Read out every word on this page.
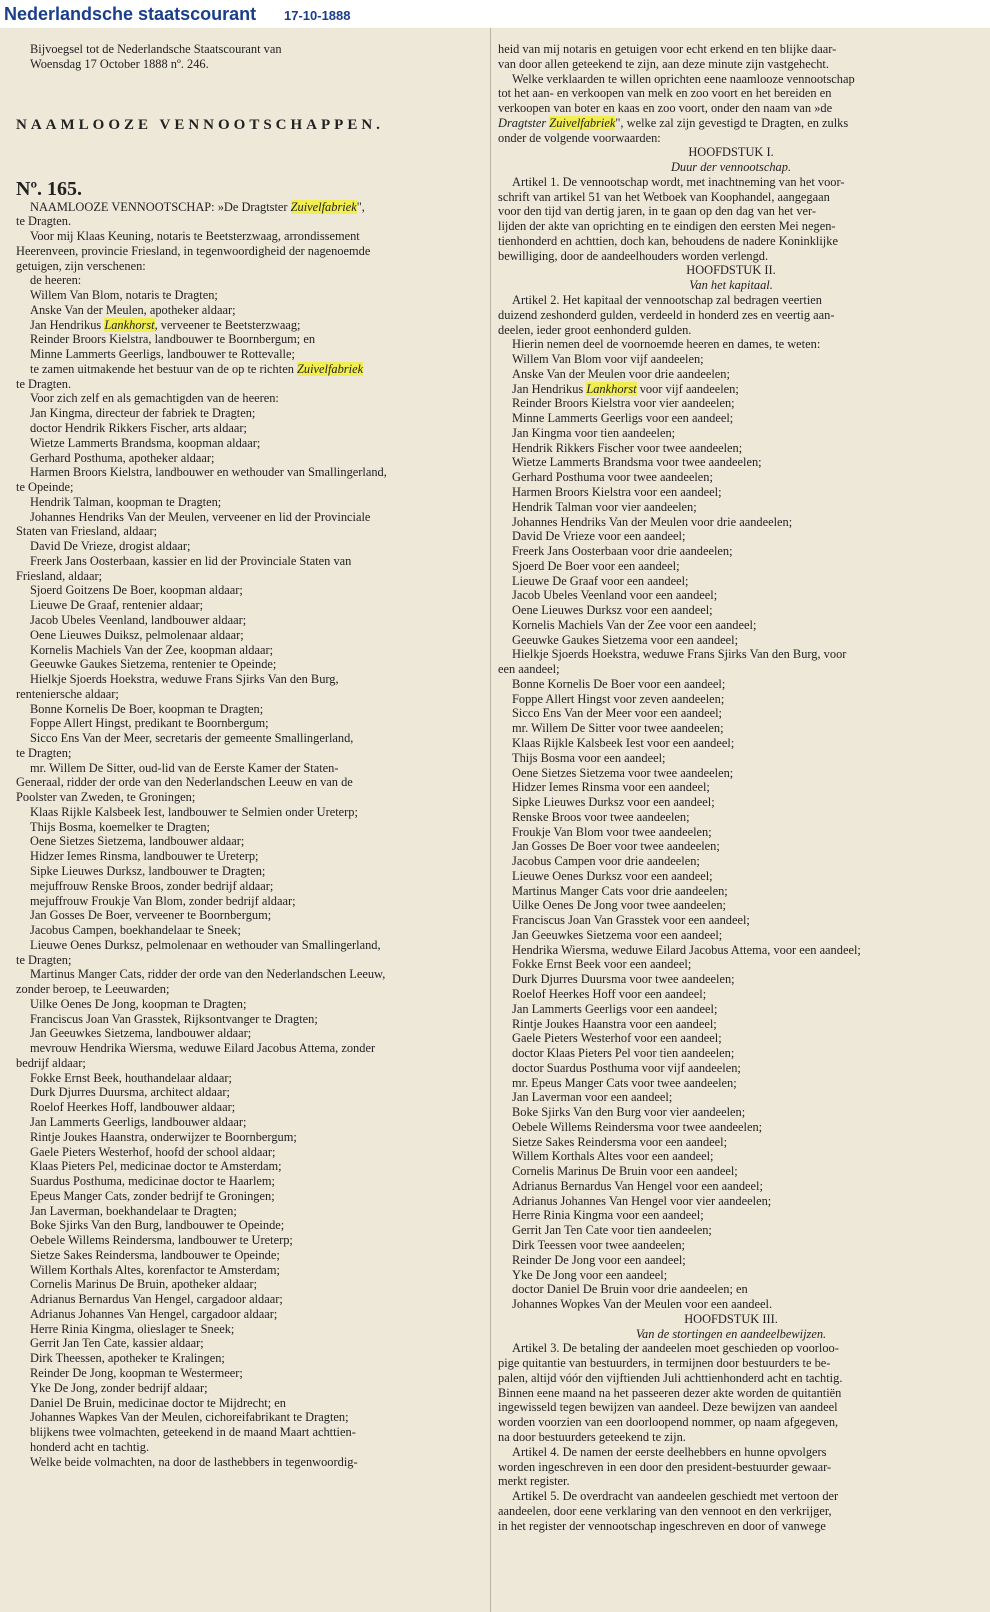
Nederlandsche staatscourant 17-10-1888

Bijvoegsel tot de Nederlandsche Staatscourant van

Woensdag 17 October 1888 nº. 246.

NAAMLOOZE VENNOOTSCHAPPEN.

Nº. 165.

NAAMLOOZE VENNOOTSCHAP: »De Dragtster Zuivelfabriek",

te Dragten.

Voor mij Klaas Keuning, notaris te Beetsterzwaag, arrondissement

Heerenveen, provincie Friesland, in tegenwoordigheid der nagenoemde

getuigen, zijn verschenen:

de heeren:

Willem Van Blom, notaris te Dragten;

Anske Van der Meulen, apotheker aldaar;

Jan Hendrikus Lankhorst, verveener te Beetsterzwaag;

Reinder Broors Kielstra, landbouwer te Boornbergum; en

Minne Lammerts Geerligs, landbouwer te Rottevalle;

te zamen uitmakende het bestuur van de op te richten Zuivelfabriek

te Dragten.

Voor zich zelf en als gemachtigden van de heeren:

Jan Kingma, directeur der fabriek te Dragten;

doctor Hendrik Rikkers Fischer, arts aldaar;

Wietze Lammerts Brandsma, koopman aldaar;

Gerhard Posthuma, apotheker aldaar;

Harmen Broors Kielstra, landbouwer en wethouder van Smallingerland,

te Opeinde;

Hendrik Talman, koopman te Dragten;

Johannes Hendriks Van der Meulen, verveener en lid der Provinciale

Staten van Friesland, aldaar;

David De Vrieze, drogist aldaar;

Freerk Jans Oosterbaan, kassier en lid der Provinciale Staten van

Friesland, aldaar;

Sjoerd Goitzens De Boer, koopman aldaar;

Lieuwe De Graaf, rentenier aldaar;

Jacob Ubeles Veenland, landbouwer aldaar;

Oene Lieuwes Duiksz, pelmolenaar aldaar;

Kornelis Machiels Van der Zee, koopman aldaar;

Geeuwke Gaukes Sietzema, rentenier te Opeinde;

Hielkje Sjoerds Hoekstra, weduwe Frans Sjirks Van den Burg,

renteniersche aldaar;

Bonne Kornelis De Boer, koopman te Dragten;

Foppe Allert Hingst, predikant te Boornbergum;

Sicco Ens Van der Meer, secretaris der gemeente Smallingerland,

te Dragten;

mr. Willem De Sitter, oud-lid van de Eerste Kamer der Staten-

Generaal, ridder der orde van den Nederlandschen Leeuw en van de

Poolster van Zweden, te Groningen;

Klaas Rijkle Kalsbeek Iest, landbouwer te Selmien onder Ureterp;

Thijs Bosma, koemelker te Dragten;

Oene Sietzes Sietzema, landbouwer aldaar;

Hidzer Iemes Rinsma, landbouwer te Ureterp;

Sipke Lieuwes Durksz, landbouwer te Dragten;

mejuffrouw Renske Broos, zonder bedrijf aldaar;

mejuffrouw Froukje Van Blom, zonder bedrijf aldaar;

Jan Gosses De Boer, verveener te Boornbergum;

Jacobus Campen, boekhandelaar te Sneek;

Lieuwe Oenes Durksz, pelmolenaar en wethouder van Smallingerland,

te Dragten;

Martinus Manger Cats, ridder der orde van den Nederlandschen Leeuw,

zonder beroep, te Leeuwarden;

Uilke Oenes De Jong, koopman te Dragten;

Franciscus Joan Van Grasstek, Rijksontvanger te Dragten;

Jan Geeuwkes Sietzema, landbouwer aldaar;

mevrouw Hendrika Wiersma, weduwe Eilard Jacobus Attema, zonder

bedrijf aldaar;

Fokke Ernst Beek, houthandelaar aldaar;

Durk Djurres Duursma, architect aldaar;

Roelof Heerkes Hoff, landbouwer aldaar;

Jan Lammerts Geerligs, landbouwer aldaar;

Rintje Joukes Haanstra, onderwijzer te Boornbergum;

Gaele Pieters Westerhof, hoofd der school aldaar;

Klaas Pieters Pel, medicinae doctor te Amsterdam;

Suardus Posthuma, medicinae doctor te Haarlem;

Epeus Manger Cats, zonder bedrijf te Groningen;

Jan Laverman, boekhandelaar te Dragten;

Boke Sjirks Van den Burg, landbouwer te Opeinde;

Oebele Willems Reindersma, landbouwer te Ureterp;

Sietze Sakes Reindersma, landbouwer te Opeinde;

Willem Korthals Altes, korenfactor te Amsterdam;

Cornelis Marinus De Bruin, apotheker aldaar;

Adrianus Bernardus Van Hengel, cargadoor aldaar;

Adrianus Johannes Van Hengel, cargadoor aldaar;

Herre Rinia Kingma, olieslager te Sneek;

Gerrit Jan Ten Cate, kassier aldaar;

Dirk Theessen, apotheker te Kralingen;

Reinder De Jong, koopman te Westermeer;

Yke De Jong, zonder bedrijf aldaar;

Daniel De Bruin, medicinae doctor te Mijdrecht; en

Johannes Wapkes Van der Meulen, cichoreifabrikant te Dragten;

blijkens twee volmachten, geteekend in de maand Maart achttien-

honderd acht en tachtig.

Welke beide volmachten, na door de lasthebbers in tegenwoordig-

heid van mij notaris en getuigen voor echt erkend en ten blijke daar-

van door allen geteekend te zijn, aan deze minute zijn vastgehecht.

Welke verklaarden te willen oprichten eene naamlooze vennootschap

tot het aan- en verkoopen van melk en zoo voort en het bereiden en

verkoopen van boter en kaas en zoo voort, onder den naam van »de

Dragtster Zuivelfabriek", welke zal zijn gevestigd te Dragten, en zulks

onder de volgende voorwaarden:

HOOFDSTUK I.

Duur der vennootschap.

Artikel 1. De vennootschap wordt, met inachtneming van het voor-

schrift van artikel 51 van het Wetboek van Koophandel, aangegaan

voor den tijd van dertig jaren, in te gaan op den dag van het ver-

lijden der akte van oprichting en te eindigen den eersten Mei negen-

tienhonderd en achttien, doch kan, behoudens de nadere Koninklijke

bewilliging, door de aandeelhouders worden verlengd.

HOOFDSTUK II.

Van het kapitaal.

Artikel 2. Het kapitaal der vennootschap zal bedragen veertien

duizend zeshonderd gulden, verdeeld in honderd zes en veertig aan-

deelen, ieder groot eenhonderd gulden.

Hierin nemen deel de voornoemde heeren en dames, te weten:

Willem Van Blom voor vijf aandeelen;

Anske Van der Meulen voor drie aandeelen;

Jan Hendrikus Lankhorst voor vijf aandeelen;

Reinder Broors Kielstra voor vier aandeelen;

Minne Lammerts Geerligs voor een aandeel;

Jan Kingma voor tien aandeelen;

Hendrik Rikkers Fischer voor twee aandeelen;

Wietze Lammerts Brandsma voor twee aandeelen;

Gerhard Posthuma voor twee aandeelen;

Harmen Broors Kielstra voor een aandeel;

Hendrik Talman voor vier aandeelen;

Johannes Hendriks Van der Meulen voor drie aandeelen;

David De Vrieze voor een aandeel;

Freerk Jans Oosterbaan voor drie aandeelen;

Sjoerd De Boer voor een aandeel;

Lieuwe De Graaf voor een aandeel;

Jacob Ubeles Veenland voor een aandeel;

Oene Lieuwes Durksz voor een aandeel;

Kornelis Machiels Van der Zee voor een aandeel;

Geeuwke Gaukes Sietzema voor een aandeel;

Hielkje Sjoerds Hoekstra, weduwe Frans Sjirks Van den Burg, voor

een aandeel;

Bonne Kornelis De Boer voor een aandeel;

Foppe Allert Hingst voor zeven aandeelen;

Sicco Ens Van der Meer voor een aandeel;

mr. Willem De Sitter voor twee aandeelen;

Klaas Rijkle Kalsbeek Iest voor een aandeel;

Thijs Bosma voor een aandeel;

Oene Sietzes Sietzema voor twee aandeelen;

Hidzer Iemes Rinsma voor een aandeel;

Sipke Lieuwes Durksz voor een aandeel;

Renske Broos voor twee aandeelen;

Froukje Van Blom voor twee aandeelen;

Jan Gosses De Boer voor twee aandeelen;

Jacobus Campen voor drie aandeelen;

Lieuwe Oenes Durksz voor een aandeel;

Martinus Manger Cats voor drie aandeelen;

Uilke Oenes De Jong voor twee aandeelen;

Franciscus Joan Van Grasstek voor een aandeel;

Jan Geeuwkes Sietzema voor een aandeel;

Hendrika Wiersma, weduwe Eilard Jacobus Attema, voor een aandeel;

Fokke Ernst Beek voor een aandeel;

Durk Djurres Duursma voor twee aandeelen;

Roelof Heerkes Hoff voor een aandeel;

Jan Lammerts Geerligs voor een aandeel;

Rintje Joukes Haanstra voor een aandeel;

Gaele Pieters Westerhof voor een aandeel;

doctor Klaas Pieters Pel voor tien aandeelen;

doctor Suardus Posthuma voor vijf aandeelen;

mr. Epeus Manger Cats voor twee aandeelen;

Jan Laverman voor een aandeel;

Boke Sjirks Van den Burg voor vier aandeelen;

Oebele Willems Reindersma voor twee aandeelen;

Sietze Sakes Reindersma voor een aandeel;

Willem Korthals Altes voor een aandeel;

Cornelis Marinus De Bruin voor een aandeel;

Adrianus Bernardus Van Hengel voor een aandeel;

Adrianus Johannes Van Hengel voor vier aandeelen;

Herre Rinia Kingma voor een aandeel;

Gerrit Jan Ten Cate voor tien aandeelen;

Dirk Teessen voor twee aandeelen;

Reinder De Jong voor een aandeel;

Yke De Jong voor een aandeel;

doctor Daniel De Bruin voor drie aandeelen; en

Johannes Wopkes Van der Meulen voor een aandeel.

HOOFDSTUK III.

Van de stortingen en aandeelbewijzen.

Artikel 3. De betaling der aandeelen moet geschieden op voorloo-

pige quitantie van bestuurders, in termijnen door bestuurders te be-

palen, altijd vóór den vijftienden Juli achttienhonderd acht en tachtig.

Binnen eene maand na het passeeren dezer akte worden de quitantiën

ingewisseld tegen bewijzen van aandeel. Deze bewijzen van aandeel

worden voorzien van een doorloopend nommer, op naam afgegeven,

na door bestuurders geteekend te zijn.

Artikel 4. De namen der eerste deelhebbers en hunne opvolgers

worden ingeschreven in een door den president-bestuurder gewaar-

merkt register.

Artikel 5. De overdracht van aandeelen geschiedt met vertoon der

aandeelen, door eene verklaring van den vennoot en den verkrijger,

in het register der vennootschap ingeschreven en door of vanwege
